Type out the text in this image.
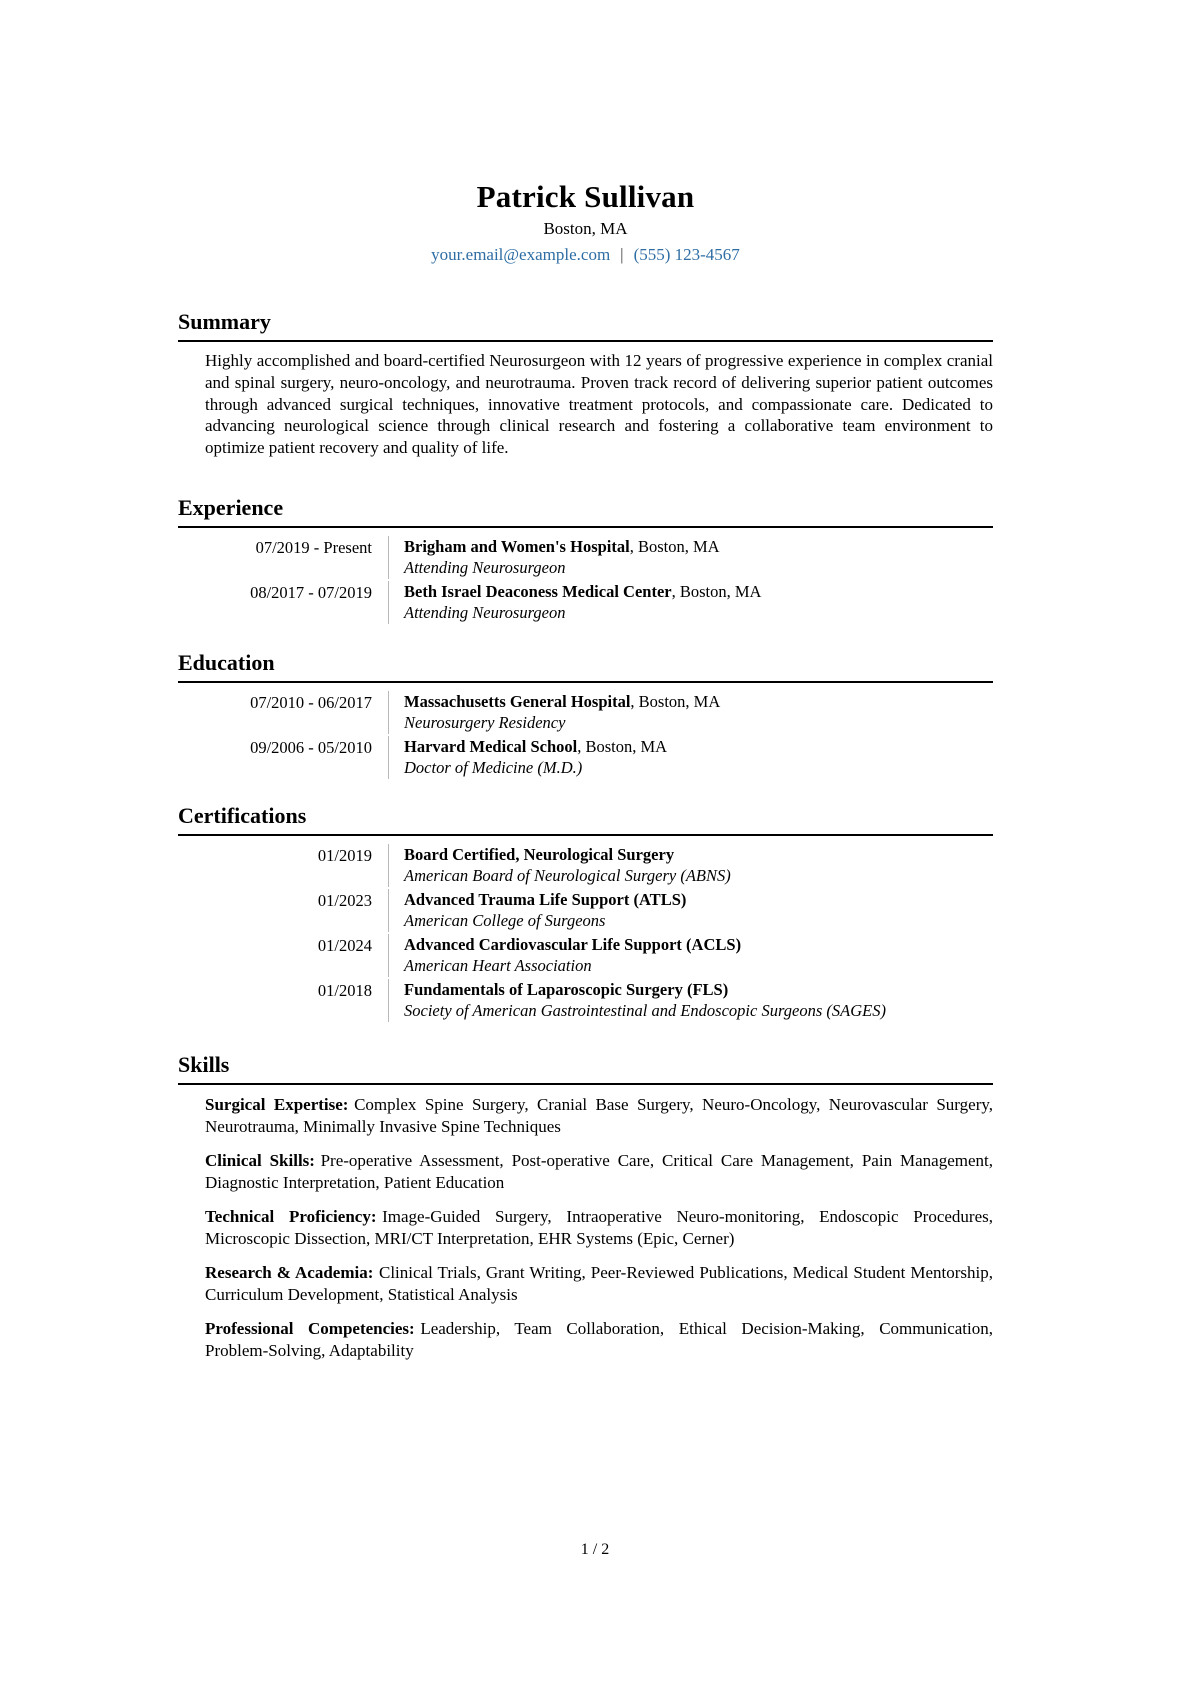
Patrick Sullivan
Boston, MA
your.email@example.com | (555) 123-4567
Summary

Highly accomplished and board-certified Neurosurgeon with 12 years of progressive experience in complex cranial and spinal surgery, neuro-oncology, and neurotrauma. Proven track record of delivering superior patient outcomes through advanced surgical techniques, innovative treatment protocols, and compassionate care. Dedicated to advancing neurological science through clinical research and fostering a collaborative team environment to optimize patient recovery and quality of life.

Experience
07/2019 - Present Brigham and Women's Hospital, Boston, MA
Attending Neurosurgeon
08/2017 - 07/2019 Beth Israel Deaconess Medical Center, Boston, MA
Attending Neurosurgeon
Education
07/2010 - 06/2017 Massachusetts General Hospital, Boston, MA
Neurosurgery Residency
09/2006 - 05/2010 Harvard Medical School, Boston, MA
Doctor of Medicine (M.D.)
Certifications
01/2019 Board Certified, Neurological Surgery
American Board of Neurological Surgery (ABNS)
01/2023 Advanced Trauma Life Support (ATLS)
American College of Surgeons
01/2024 Advanced Cardiovascular Life Support (ACLS)
American Heart Association
01/2018 Fundamentals of Laparoscopic Surgery (FLS)
Society of American Gastrointestinal and Endoscopic Surgeons (SAGES)
Skills

Surgical Expertise: Complex Spine Surgery, Cranial Base Surgery, Neuro-Oncology, Neurovascular Surgery, Neurotrauma, Minimally Invasive Spine Techniques

Clinical Skills: Pre-operative Assessment, Post-operative Care, Critical Care Management, Pain Management, Diagnostic Interpretation, Patient Education

Technical Proficiency: Image-Guided Surgery, Intraoperative Neuro-monitoring, Endoscopic Procedures, Microscopic Dissection, MRI/CT Interpretation, EHR Systems (Epic, Cerner)

Research & Academia: Clinical Trials, Grant Writing, Peer-Reviewed Publications, Medical Student Mentorship, Curriculum Development, Statistical Analysis

Professional Competencies: Leadership, Team Collaboration, Ethical Decision-Making, Communication, Problem-Solving, Adaptability

1 / 2
